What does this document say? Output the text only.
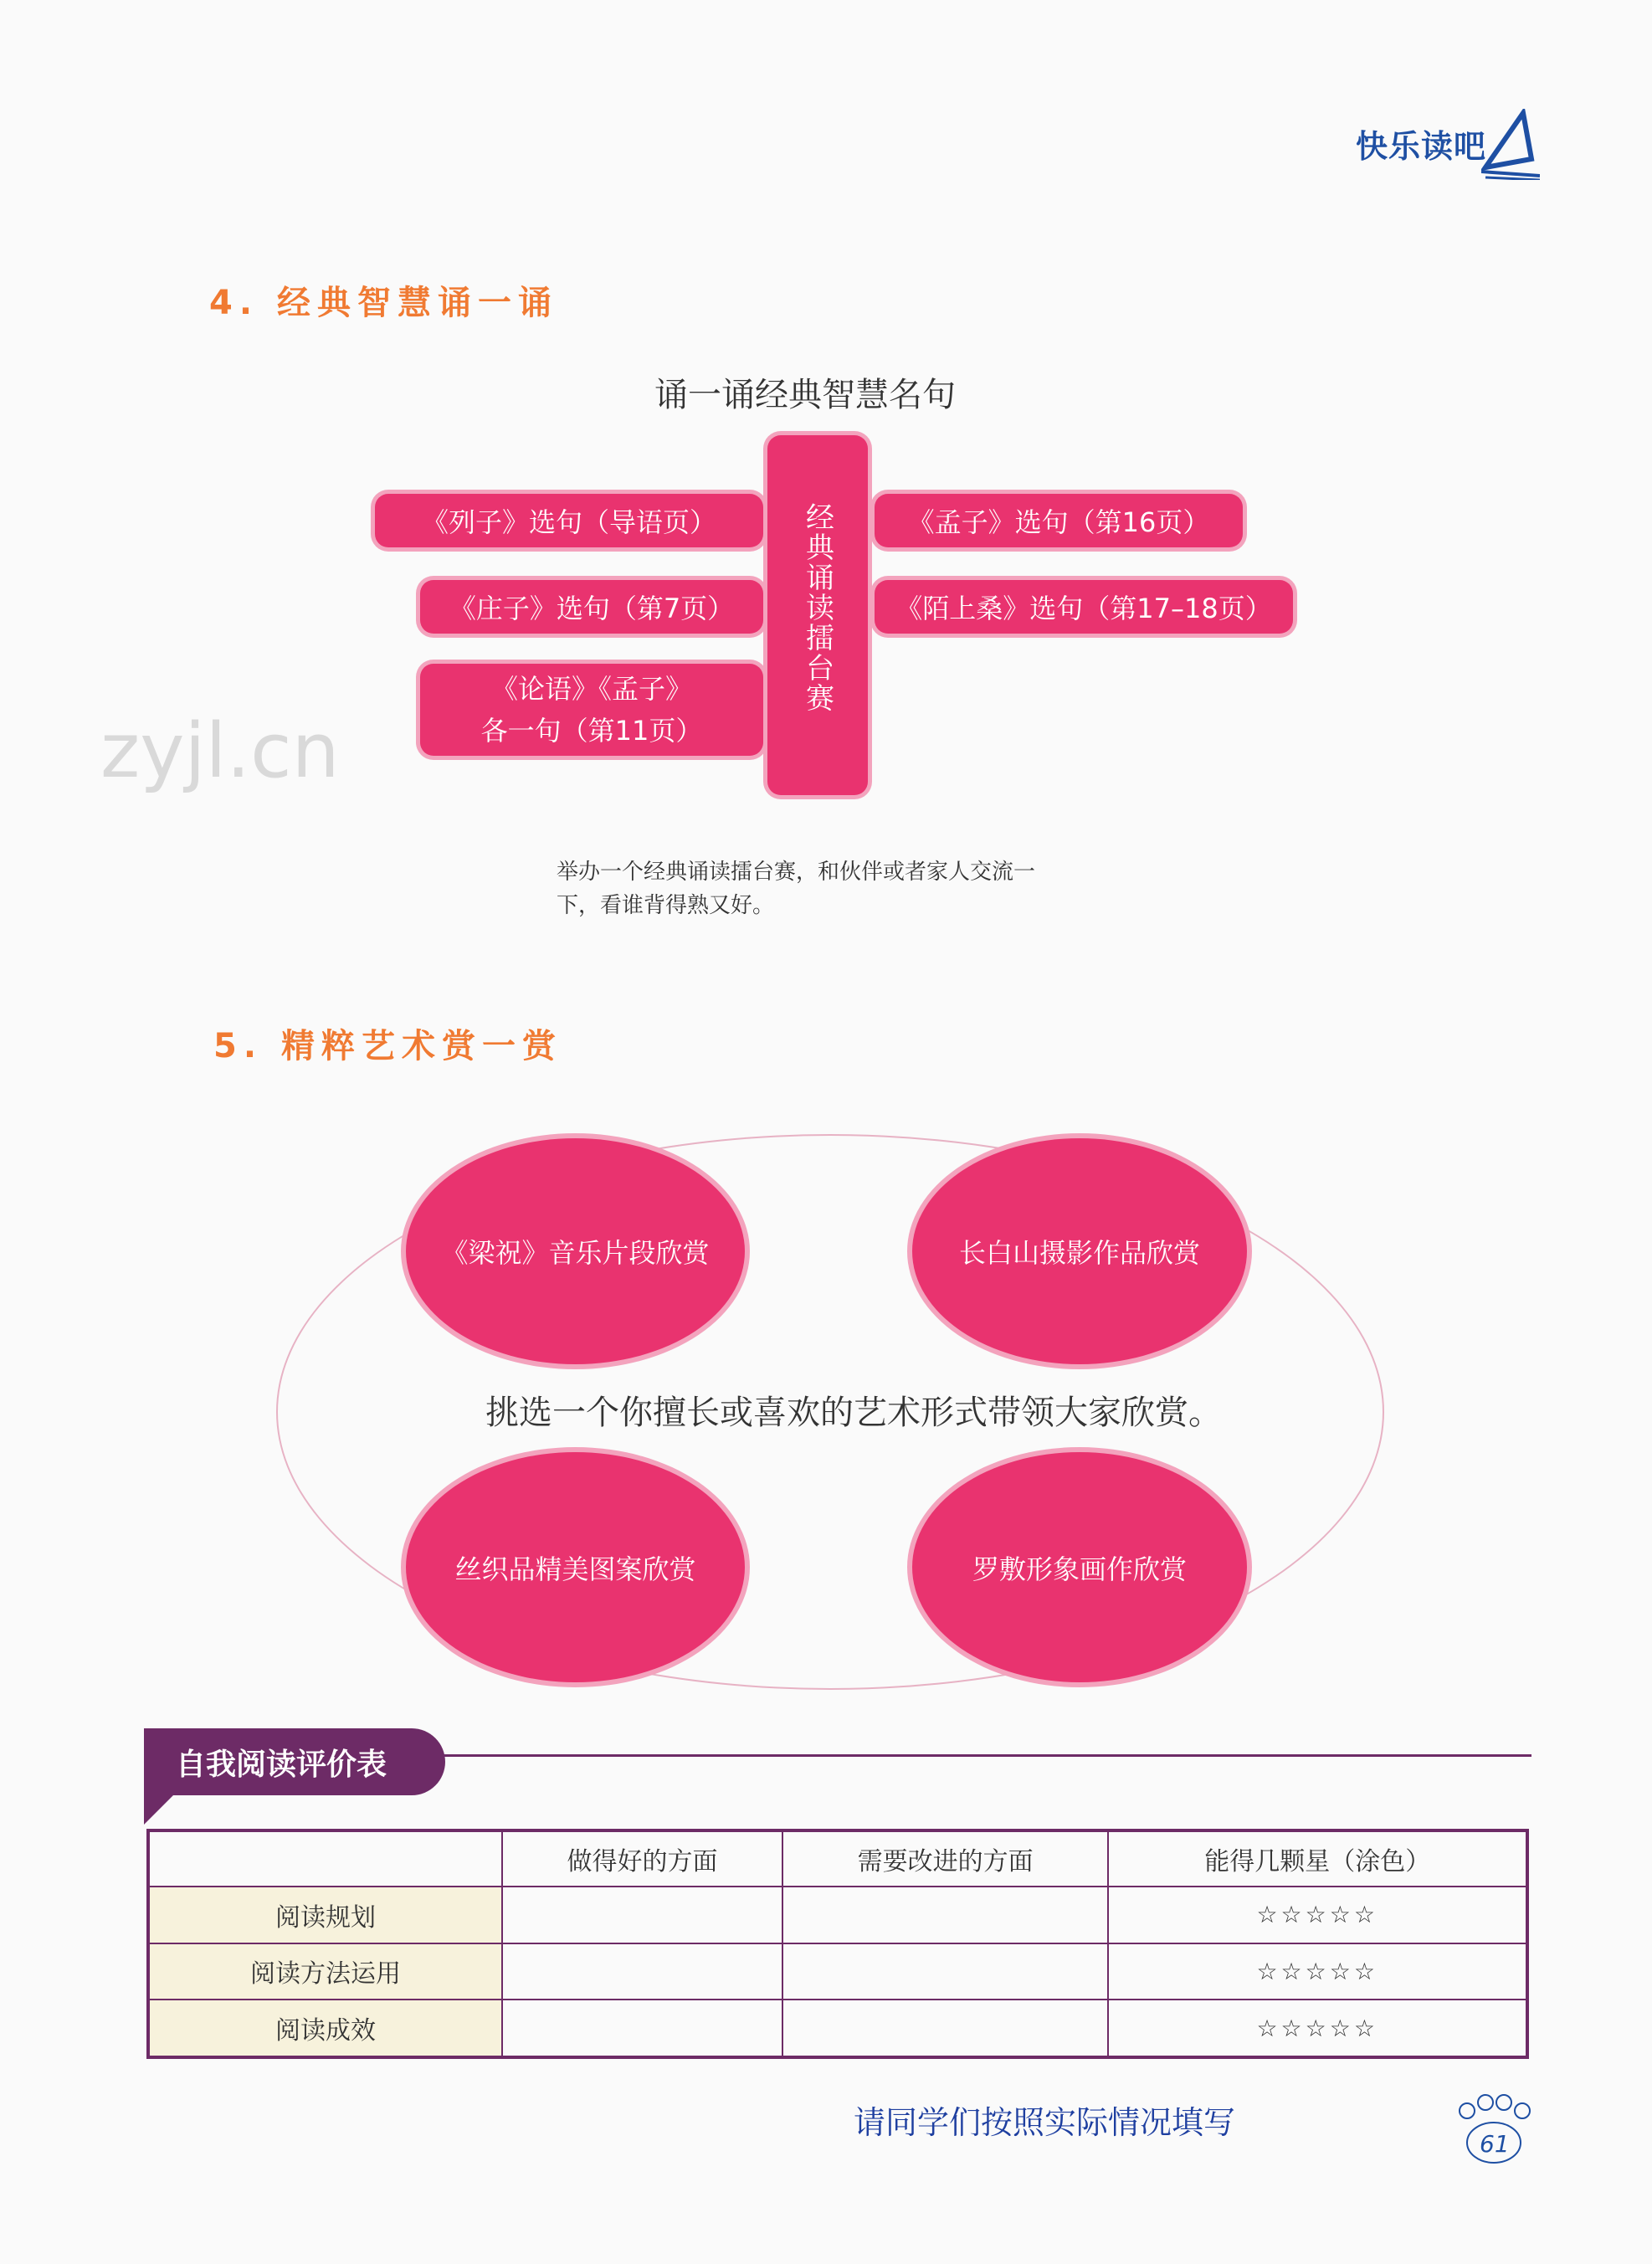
快乐读吧
4. 经典智慧诵一诵
诵一诵经典智慧名句
经典诵读擂台赛
《列子》选句（导语页）
《庄子》选句（第7页）
《论语》《孟子》
各一句（第11页）
《孟子》选句（第16页）
《陌上桑》选句（第17–18页）
zyjl.cn
举办一个经典诵读擂台赛，和伙伴或者家人交流一
下，看谁背得熟又好。
5. 精粹艺术赏一赏
《梁祝》音乐片段欣赏	长白山摄影作品欣赏
丝织品精美图案欣赏	罗敷形象画作欣赏
挑选一个你擅长或喜欢的艺术形式带领大家欣赏。
自我阅读评价表
	做得好的方面	需要改进的方面	能得几颗星（涂色）
阅读规划			☆☆☆☆☆
阅读方法运用			☆☆☆☆☆
阅读成效			☆☆☆☆☆
请同学们按照实际情况填写
61
